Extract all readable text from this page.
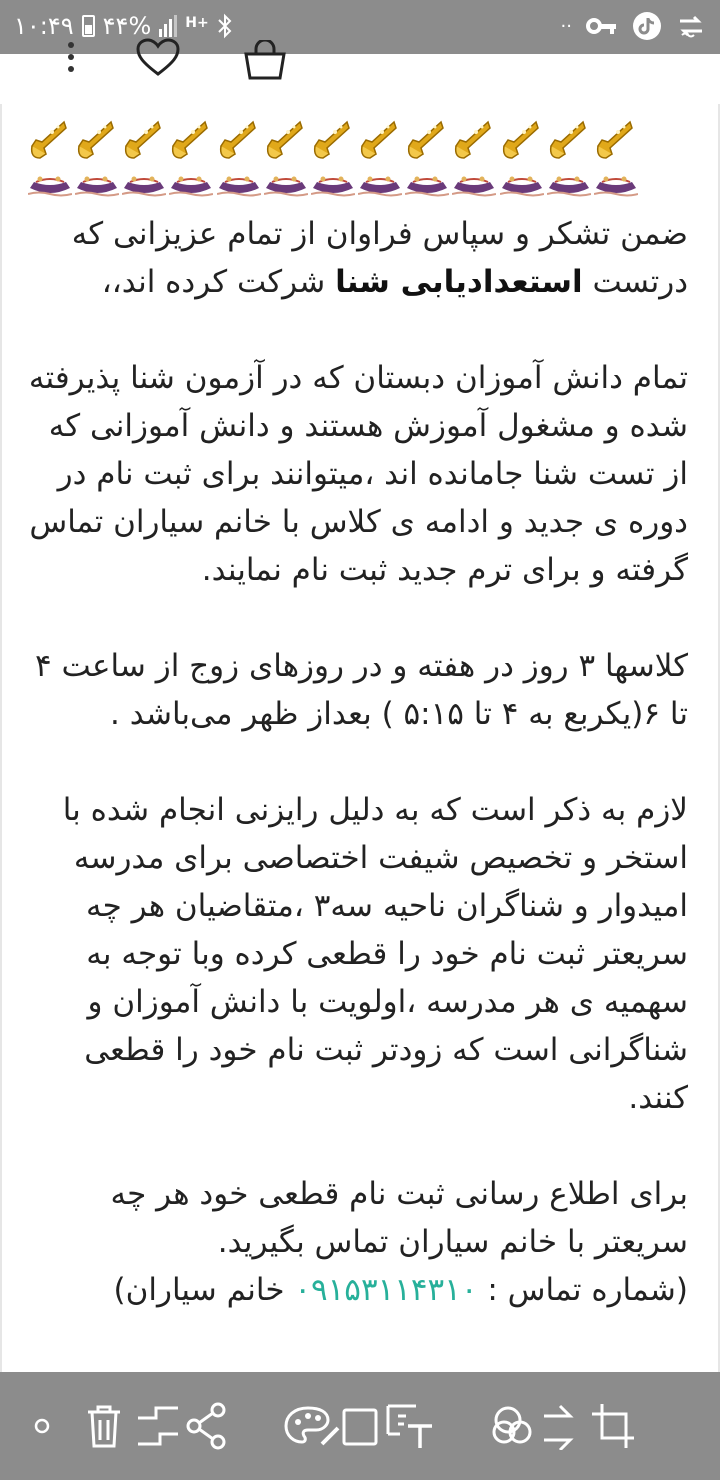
۱۰:۴۹ ۴۴% H+	··

ضمن تشکر و سپاس فراوان از تمام عزیزانی که درتست استعدادیابی شنا شرکت کرده اند،،

تمام دانش آموزان دبستان که در آزمون شنا پذیرفته شده و مشغول آموزش هستند و دانش آموزانی که از تست شنا جامانده اند ،میتوانند برای ثبت نام در دوره ی جدید و ادامه ی کلاس با خانم سیاران تماس گرفته و برای ترم جدید ثبت نام نمایند.

کلاسها ۳ روز در هفته و در روزهای زوج از ساعت ۴ تا ۶(یکربع به ۴ تا ۵:۱۵ ) بعداز ظهر می‌باشد .

لازم به ذکر است که به دلیل رایزنی انجام شده با استخر و تخصیص شیفت اختصاصی برای مدرسه امیدوار و شناگران ناحیه سه۳ ،متقاضیان هر چه سریعتر ثبت نام خود را قطعی کرده وبا توجه به سهمیه ی هر مدرسه ،اولویت با دانش آموزان و شناگرانی است که زودتر ثبت نام خود را قطعی کنند.

برای اطلاع رسانی ثبت نام قطعی خود هر چه سریعتر با خانم سیاران تماس بگیرید.

(شماره تماس : ۰۹۱۵۳۱۱۴۳۱۰ خانم سیاران)
